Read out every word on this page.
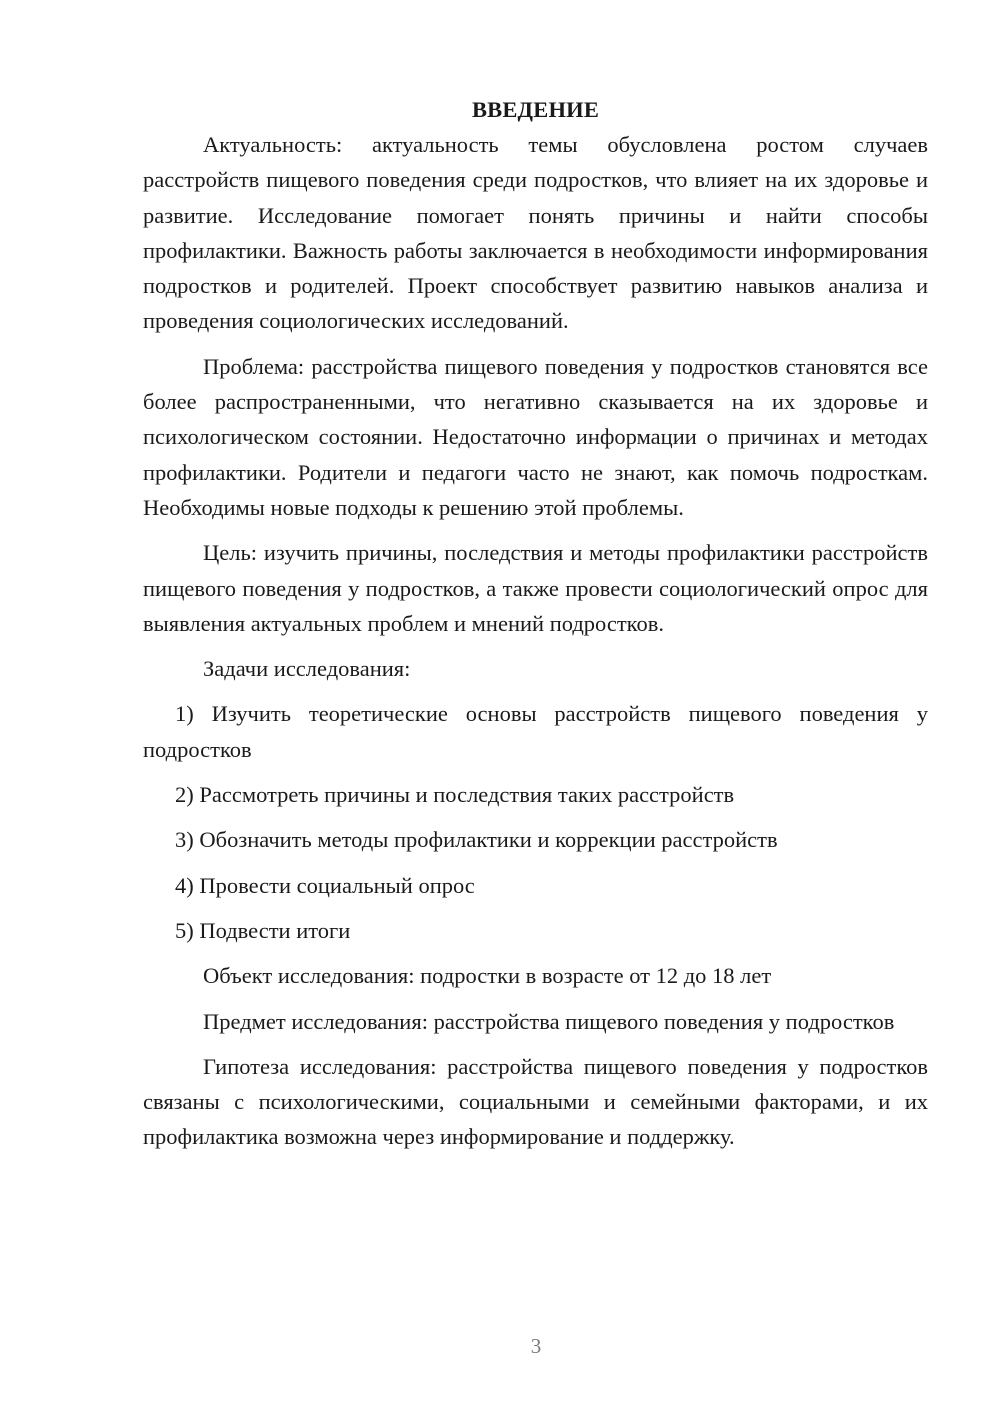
ВВЕДЕНИЕ

Актуальность: актуальность темы обусловлена ростом случаев расстройств пищевого поведения среди подростков, что влияет на их здоровье и развитие. Исследование помогает понять причины и найти способы профилактики. Важность работы заключается в необходимости информирования подростков и родителей. Проект способствует развитию навыков анализа и проведения социологических исследований.

Проблема: расстройства пищевого поведения у подростков становятся все более распространенными, что негативно сказывается на их здоровье и психологическом состоянии. Недостаточно информации о причинах и методах профилактики. Родители и педагоги часто не знают, как помочь подросткам. Необходимы новые подходы к решению этой проблемы.

Цель: изучить причины, последствия и методы профилактики расстройств пищевого поведения у подростков, а также провести социологический опрос для выявления актуальных проблем и мнений подростков.

Задачи исследования:

1) Изучить теоретические основы расстройств пищевого поведения у подростков

2) Рассмотреть причины и последствия таких расстройств

3) Обозначить методы профилактики и коррекции расстройств

4) Провести социальный опрос

5) Подвести итоги

Объект исследования: подростки в возрасте от 12 до 18 лет

Предмет исследования: расстройства пищевого поведения у подростков

Гипотеза исследования: расстройства пищевого поведения у подростков связаны с психологическими, социальными и семейными факторами, и их профилактика возможна через информирование и поддержку.

3
